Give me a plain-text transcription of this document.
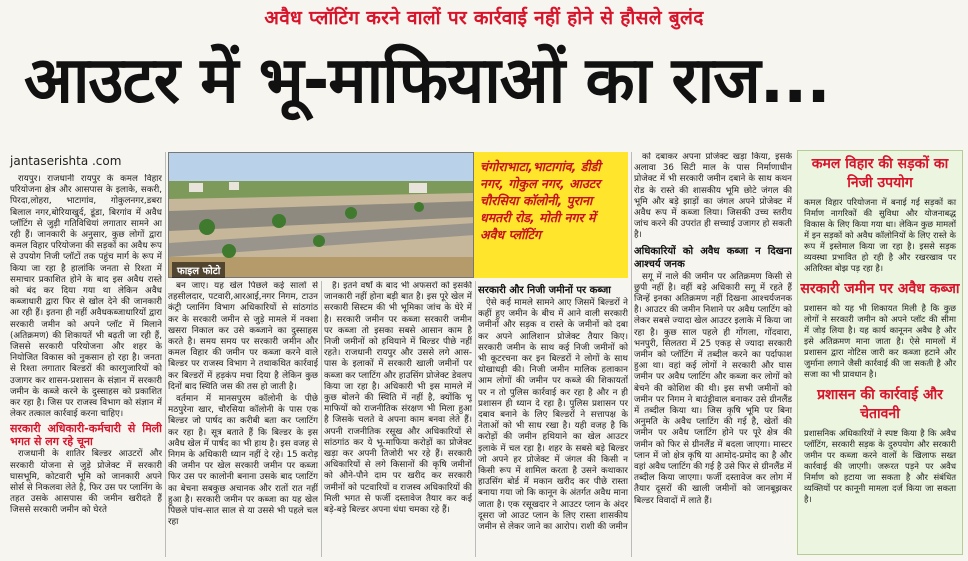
अवैध प्लॉटिंग करने वालों पर कार्रवाई नहीं होने से हौसले बुलंद
आउटर में भू-माफियाओं का राज...
jantaserishta .com

रायपुर। राजधानी रायपुर के कमल विहार परियोजना क्षेत्र और आसपास के इलाके, सकरी, पिरदा,लोहरा, भाटागांव, गोकुलनगर,डबरा बिलाल नगर,बोरियाखुर्द, डूंडा, बिरगांव में अवैध प्लॉटिंग से जुड़ी गतिविधियां लगातार सामने आ रही हैं। जानकारी के अनुसार, कुछ लोगों द्वारा कमल विहार परियोजना की सड़कों का अवैध रूप से उपयोग निजी प्लॉटों तक पहुंच मार्ग के रूप में किया जा रहा है हालांकि जनता से रिश्ता में समाचार प्रकाशित होने के बाद इस अवैध रास्ते को बंद कर दिया गया था लेकिन अवैध कब्जाधारी द्वारा फिर से खोल देने की जानकारी आ रही हैं। इतना ही नहीं अवैधकब्जाधारियों द्वारा सरकारी जमीन को अपने प्लॉट में मिलाने (अतिक्रमण) की शिकायतें भी बढ़ती जा रही हैं, जिससे सरकारी परियोजना और शहर के नियोजित विकास को नुकसान हो रहा है। जनता से रिश्ता लगातार बिल्डरों की कारगुजारियों को उजागर कर शासन-प्रशासन के संज्ञान में सरकारी जमीन के कब्जे करने के दुस्साहस को प्रकाशित कर रहा है। जिस पर राजस्व विभाग को संज्ञान में लेकर तत्काल कार्रवाई करना चाहिए।

सरकारी अधिकारी-कर्मचारी से मिली भगत से लग रहे चूना

राजधानी के शातिर बिल्डर आउटरों और सरकारी योजना से जुड़े प्रोजेक्ट में सरकारी घासभूमि, कोटवारी भूमि को जानकारी अपने सोर्स से निकलवा लेते है, फिर उस पर प्लानिंग के तहत उसके आसपास की जमीन खरीदते हैं जिससे सरकारी जमीन को घेरते

फाइल फोटो
चंगोराभाटा,भाटागांव, डीडी नगर, गोकुल नगर, आउटर चौरसिया कॉलोनी, पुराना धमतरी रोड, मोती नगर में अवैध प्लॉटिंग

बन जाए। यह खेल पिछले कई सालों से तहसीलदार, पटवारी,आरआई,नगर निगम, टाउन कंट्री प्लानिंग विभाग अधिकारियों से सांठगांठ कर के सरकारी जमीन से जुड़े मामले में नक्शा खसरा निकाल कर उसे कब्जाने का दुस्साहस करते है। समय समय पर सरकारी जमीन और कमल विहार की जमीन पर कब्जा करने वाले बिल्डर पर राजस्व विभाग ने तथाकथित कार्रवाई कर बिल्डरों में हड़कंप मचा दिया है लेकिन कुछ दिनों बाद स्थिति जस की तस हो जाती है।

वर्तमान में मानसपुरम कॉलोनी के पीछे मठपुरेना खार, चौरसिया कॉलोनी के पास एक बिल्डर जो पार्षद का करीबी बता कर प्लाटिंग कर रहा है। सूत्र बताते हैं कि बिल्डर के इस अवैध खेल में पार्षद का भी हाथ है। इस वजह से निगम के अधिकारी ध्यान नहीं दे रहे। 15 करोड़ की जमीन पर खेल सरकारी जमीन पर कब्जा फिर उस पर कालोनी बनाना उसके बाद प्लाटिंग का बेचना सबकुछ अचानक और रातों रात नहीं हुआ है। सरकारी जमीन पर कब्जा का यह खेल पिछले पांच-सात साल से या उससे भी पहले चल रहा

है। इतने वर्षों के बाद भी अफसरों को इसकी जानकारी नहीं होना बड़ी बात है। इस पूरे खेल में सरकारी सिस्टम की भी भूमिका जांच के घेरे में है। सरकारी जमीन पर कब्जा सरकारी जमीन पर कब्जा तो इसका सबसे आसान काम है निजी जमीनों को हथियाने में बिल्डर पीछे नहीं रहते। राजधानी रायपुर और उससे लगे आस-पास के इलाकों में सरकारी खाली जमीनों पर कब्जा कर प्लाटिंग और हाउसिंग प्रोजेक्ट डेवलप किया जा रहा है। अधिकारी भी इस मामले में कुछ बोलने की स्थिति में नहीं है, क्योंकि भू माफियों को राजनीतिक संरक्षण भी मिला हुआ है जिसके चलते वे अपना काम बनवा लेते हैं। अपनी राजनीतिक रसूख और अधिकारियों से सांठगांठ कर ये भू-माफिया करोड़ों का प्रोजेक्ट खड़ा कर अपनी तिजोरी भर रहे हैं। सरकारी अधिकारियों से लगे किसानों की कृषि जमीनों को औने-पौने दाम पर खरीद कर सरकारी जमीनों को पटवारियों व राजस्व अधिकारियों की मिली भगत से फर्जी दस्तावेज तैयार कर कई बड़े-बड़े बिल्डर अपना धंधा चमका रहे हैं।

सरकारी और निजी जमीनों पर कब्जा

ऐसे कई मामले सामने आए जिसमें बिल्डरों ने कहीं हुए जमीन के बीच में आने वाली सरकारी जमीनों और सड़क व रास्ते के जमीनों को दबा कर अपने आलिशान प्रोजेक्ट तैयार किए। सरकारी जमीन के साथ कई निजी जमीनों को भी कूटरचना कर इन बिल्डरों ने लोगों के साथ धोखाधड़ी की। निजी जमीन मालिक हलाकान आम लोगों की जमीन पर कब्जे की शिकायतों पर न तो पुलिस कार्रवाई कर रहा है और न ही प्रशासन ही ध्यान दे रहा है। पुलिस प्रशासन पर दबाव बनाने के लिए बिल्डरों ने सत्तापक्ष के नेताओं को भी साध रखा है। यही वजह है कि करोड़ों की जमीन हथियाने का खेल आउटर इलाके में चल रहा है। शहर के सबसे बड़े बिल्डर जो अपने हर प्रोजेक्ट में जंगल की किसी न किसी रूप में शामिल करता है उसने कथाकार हाउसिंग बोर्ड में मकान खरीद कर पीछे रास्ता बनाया गया जो कि कानून के अंतर्गत अवैध माना जाता है। एक रसूखदार ने आउटर प्लान के अंदर दूसरा जो आउट प्लान के लिए रास्ता शासकीय जमीन से लेकर जाने का आरोप। राशी की जमीन

को दबाकर अपना प्रोजेक्ट खड़ा किया, इसके अलावा 36 सिटी माल के पास निर्माणाधीन प्रोजेक्ट में भी सरकारी जमीन दबाने के साथ कथन रोड के रास्ते की शासकीय भूमि छोटे जंगल की भूमि और बड़े झाड़ों का जंगल अपने प्रोजेक्ट में अवैध रूप में कब्जा लिया। जिसकी उच्च स्तरीय जांच करने की उपरांत ही सच्चाई उजागर हो सकती है।

अधिकारियों को अवैध कब्जा न दिखना आश्चर्य जनक

सगू में नाले की जमीन पर अतिक्रमण किसी से छुपी नहीं है। वहीं बड़े अधिकारी सगू में रहते हैं जिन्हें इनका अतिक्रमण नहीं दिखना आश्चर्यजनक है। आउटर की जमीन निशाने पर अवैध प्लाटिंग को लेकर सबसे ज्यादा खेल आउटर इलाके में किया जा रहा है। कुछ साल पहले ही गोंगला, गोंदवारा, भनपुरी, सिलतरा में 25 एकड़ से ज्यादा सरकारी जमीन को प्लॉटिंग में तब्दील करने का पर्दाफाश हुआ था। वहां कई लोगों ने सरकारी और घास जमीन पर अवैध प्लाटिंग और कब्जा कर लोगों को बेचने की कोशिश की थी। इस सभी जमीनों को जमीन पर निगम ने बाउंड्रीवाल बनाकर उसे ग्रीनलैंड में तब्दील किया था। जिस कृषि भूमि पर बिना अनुमति के अवैध प्लाटिंग की गई है, खेतों की जमीन पर अवैध प्लाटिंग होने पर पूरे क्षेत्र की जमीन को फिर से ग्रीनलैंड में बदला जाएगा। मास्टर प्लान में जो क्षेत्र कृषि या आमोद-प्रमोद का है और वहां अवैध प्लाटिंग की गई है उसे फिर से ग्रीनलैंड में तब्दील किया जाएगा। फर्जी दस्तावेज कर लोग में तैयार दूसरों की खाली जमीनों को जानबूझकर बिल्डर विवादों में लाते हैं।

कमल विहार की सड़कों का निजी उपयोग
कमल विहार परियोजना में बनाई गई सड़कों का निर्माण नागरिकों की सुविधा और योजनाबद्ध विकास के लिए किया गया था। लेकिन कुछ मामलों में इन सड़कों को अवैध कॉलोनियों के लिए रास्ते के रूप में इस्तेमाल किया जा रहा है। इससे सड़क व्यवस्था प्रभावित हो रही है और रखरखाव पर अतिरिक्त बोझ पड़ रहा है।
सरकारी जमीन पर अवैध कब्जा
प्रशासन को यह भी शिकायत मिली है कि कुछ लोगों ने सरकारी जमीन को अपने प्लॉट की सीमा में जोड़ लिया है। यह कार्य कानूनन अवैध है और इसे अतिक्रमण माना जाता है। ऐसे मामलों में प्रशासन द्वारा नोटिस जारी कर कब्जा हटाने और जुर्माना लगाने जैसी कार्रवाई की जा सकती है और सजा का भी प्रावधान है।
प्रशासन की कार्रवाई और चेतावनी
प्रशासनिक अधिकारियों ने स्पष्ट किया है कि अवैध प्लॉटिंग, सरकारी सड़क के दुरुपयोग और सरकारी जमीन पर कब्जा करने वालों के खिलाफ सख्त कार्रवाई की जाएगी। जरूरत पड़ने पर अवैध निर्माण को हटाया जा सकता है और संबंधित व्यक्तियों पर कानूनी मामला दर्ज किया जा सकता है।
